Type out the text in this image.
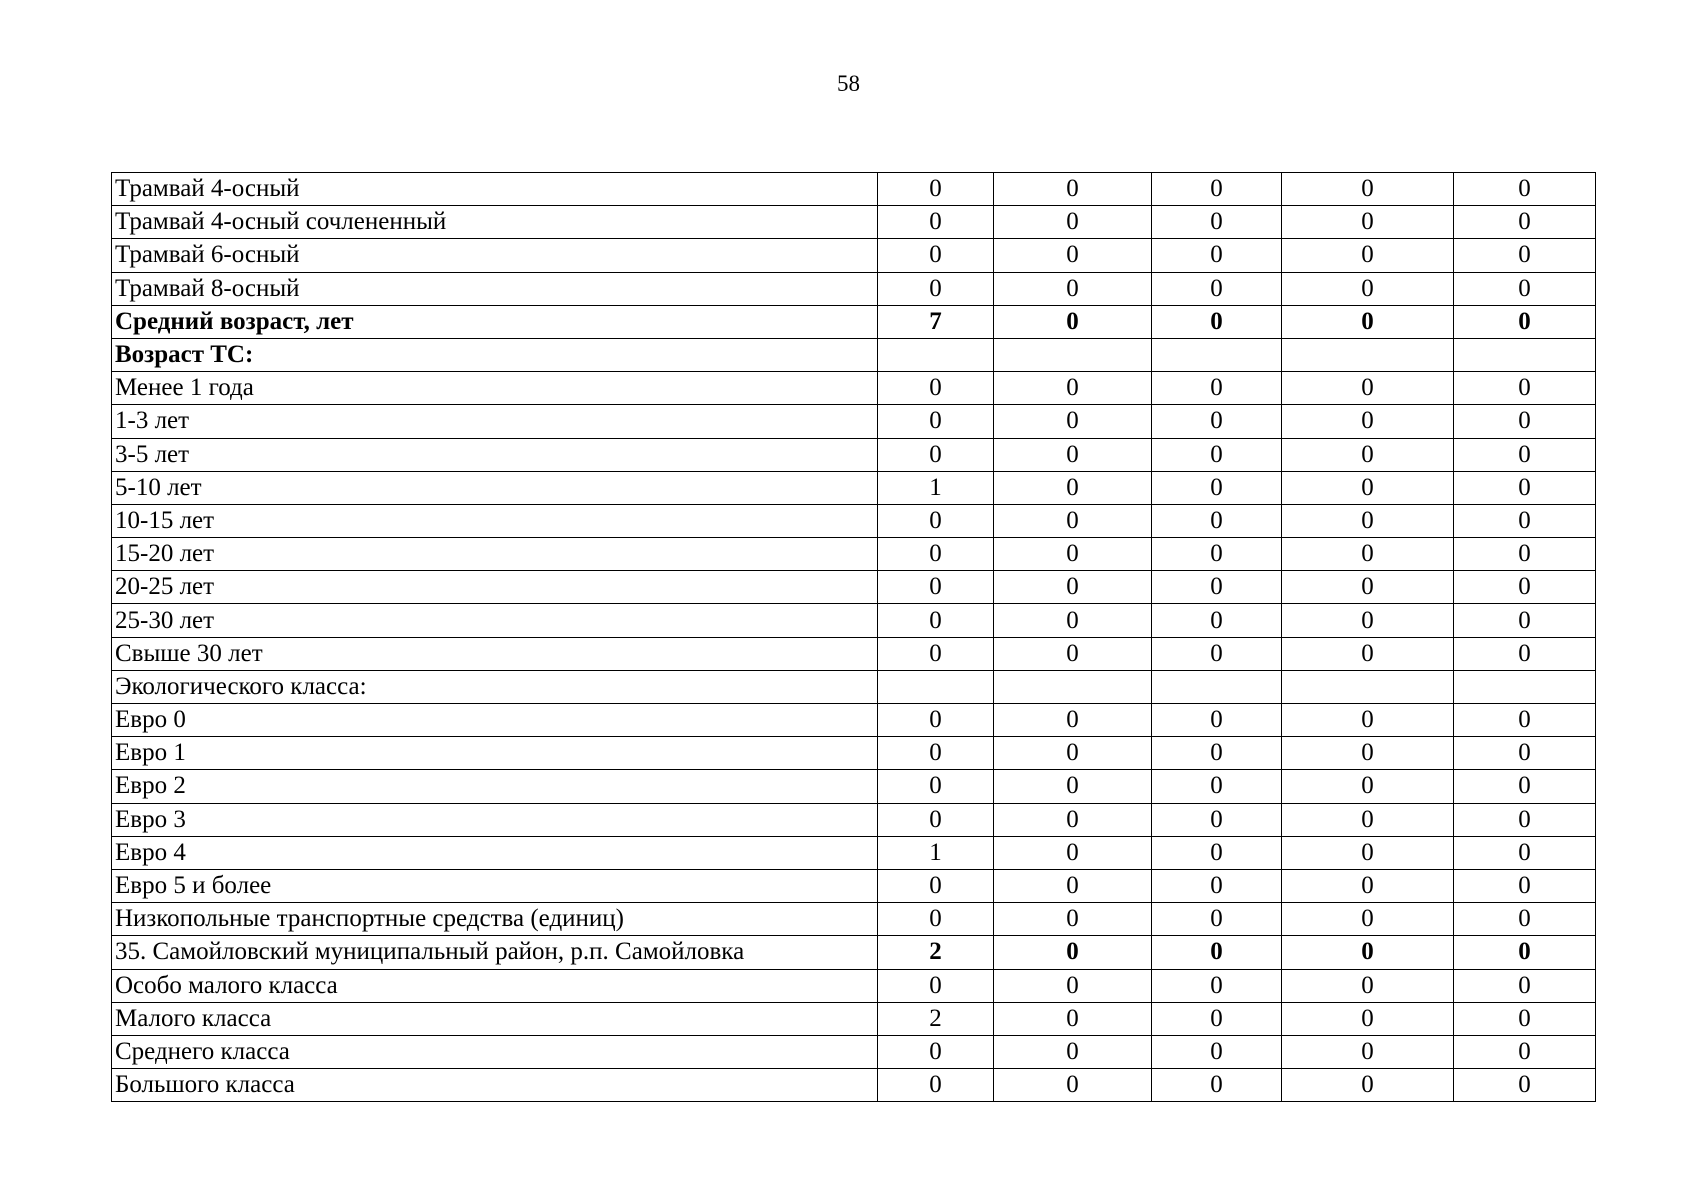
58
Трамвай 4-осный	0	0	0	0	0
Трамвай 4-осный сочлененный	0	0	0	0	0
Трамвай 6-осный	0	0	0	0	0
Трамвай 8-осный	0	0	0	0	0
Средний возраст, лет	7	0	0	0	0
Возраст ТС:					
Менее 1 года	0	0	0	0	0
1-3 лет	0	0	0	0	0
3-5 лет	0	0	0	0	0
5-10 лет	1	0	0	0	0
10-15 лет	0	0	0	0	0
15-20 лет	0	0	0	0	0
20-25 лет	0	0	0	0	0
25-30 лет	0	0	0	0	0
Свыше 30 лет	0	0	0	0	0
Экологического класса:					
Евро 0	0	0	0	0	0
Евро 1	0	0	0	0	0
Евро 2	0	0	0	0	0
Евро 3	0	0	0	0	0
Евро 4	1	0	0	0	0
Евро 5 и более	0	0	0	0	0
Низкопольные транспортные средства (единиц)	0	0	0	0	0
35. Самойловский муниципальный район, р.п. Самойловка	2	0	0	0	0
Особо малого класса	0	0	0	0	0
Малого класса	2	0	0	0	0
Среднего класса	0	0	0	0	0
Большого класса	0	0	0	0	0
